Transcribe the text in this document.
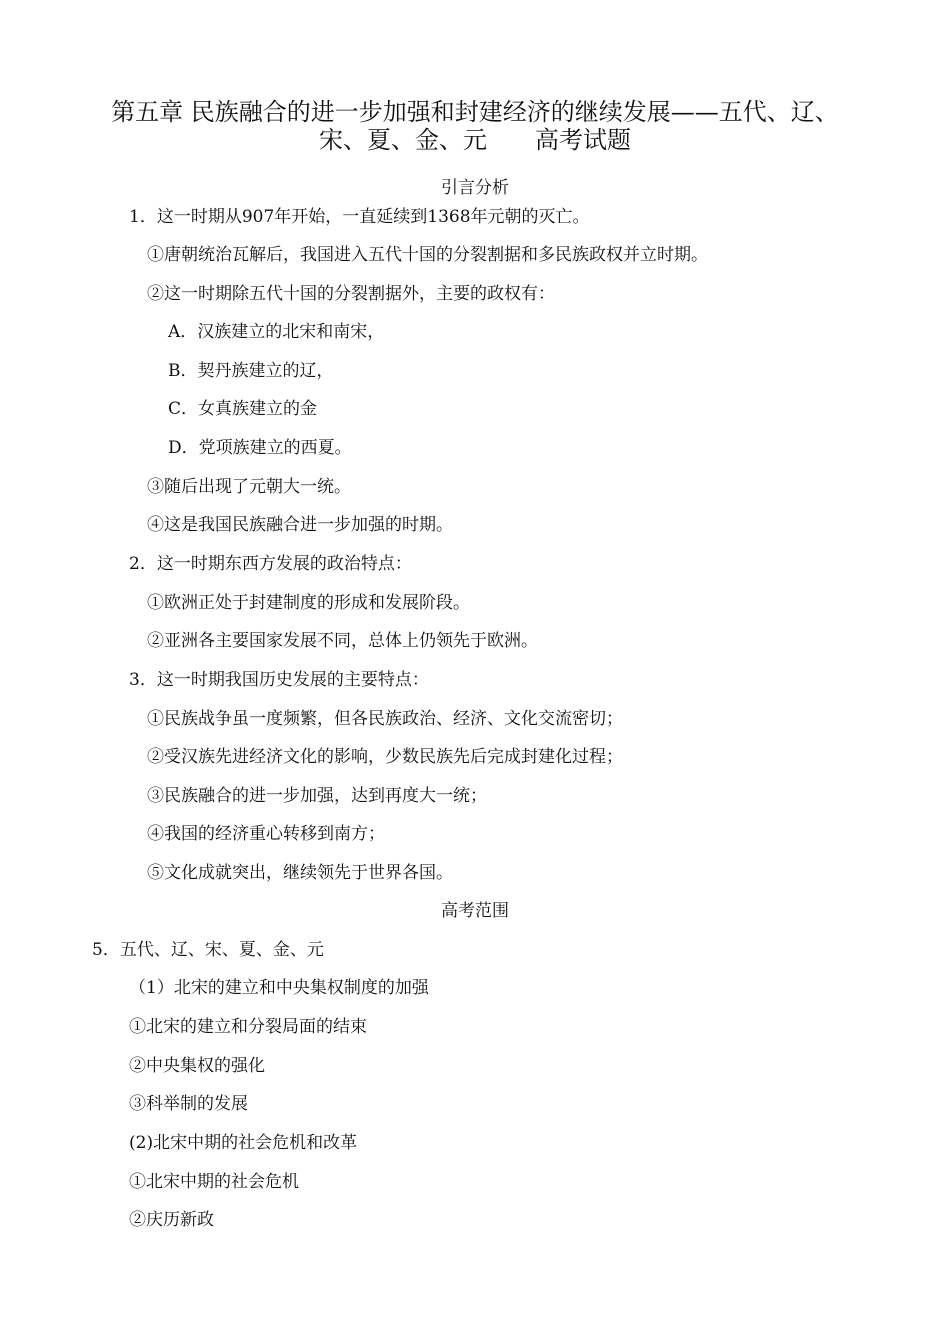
第五章 民族融合的进一步加强和封建经济的继续发展——五代、辽、
宋、夏、金、元　　高考试题
引言分析
1．这一时期从907年开始，一直延续到1368年元朝的灭亡。
①唐朝统治瓦解后，我国进入五代十国的分裂割据和多民族政权并立时期。
②这一时期除五代十国的分裂割据外，主要的政权有：
A．汉族建立的北宋和南宋，
B．契丹族建立的辽，
C．女真族建立的金
D．党项族建立的西夏。
③随后出现了元朝大一统。
④这是我国民族融合进一步加强的时期。
2．这一时期东西方发展的政治特点：
①欧洲正处于封建制度的形成和发展阶段。
②亚洲各主要国家发展不同，总体上仍领先于欧洲。
3．这一时期我国历史发展的主要特点：
①民族战争虽一度频繁，但各民族政治、经济、文化交流密切；
②受汉族先进经济文化的影响，少数民族先后完成封建化过程；
③民族融合的进一步加强，达到再度大一统；
④我国的经济重心转移到南方；
⑤文化成就突出，继续领先于世界各国。
高考范围
5．五代、辽、宋、夏、金、元
（1）北宋的建立和中央集权制度的加强
①北宋的建立和分裂局面的结束
②中央集权的强化
③科举制的发展
(2)北宋中期的社会危机和改革
①北宋中期的社会危机
②庆历新政
